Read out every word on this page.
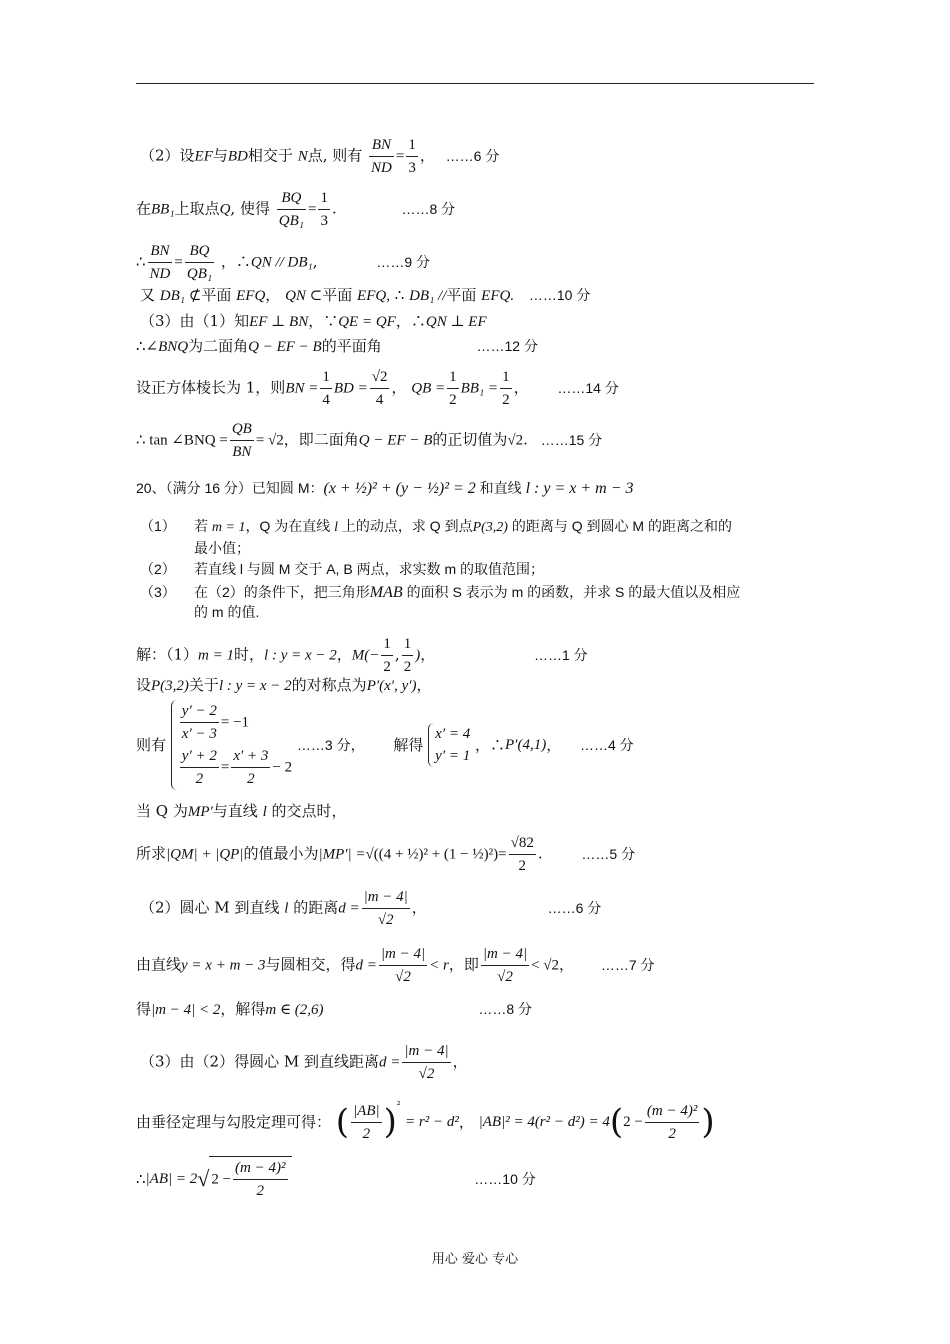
（2）设EF与BD相交于 N点, 则有 $\frac{BN}{ND} = \frac{1}{3}$ ， ……6 分
在BB₁上取点Q, 使得 $\frac{BQ}{\text{QB₁}} = \frac{1}{3}$ .	……8 分
∴ $\frac{BN}{ND} = \frac{BQ}{\text{QB₁}}$ ，∴QN // DB₁,	……9 分
又 DB₁ ⊄平面 EFQ， QN ⊂平面 EFQ, ∴ DB₁ //平面 EFQ. ……10 分
（3）由（1）知EF ⊥ BN，∵QE = QF，∴QN ⊥ EF
∴∠BNQ为二面角Q − EF − B的平面角	……12 分
设正方体棱长为 1，则BN = $\frac{1}{4}$ BD = $\frac{√2}{4}$ ， QB = $\frac{1}{2} BB_1 = \frac{1}{2}$ ， ……14 分
∴ tan ∠BNQ = $\frac{QB}{BN} = √2$，即二面角Q − EF − B的正切值为√2. ……15 分
20、（满分 16 分）已知圆 M：(x + ½)² + (y − ½)² = 2 和直线 l : y = x + m − 3
（1） 若 m = 1，Q 为在直线 l 上的动点，求 Q 到点P(3,2) 的距离与 Q 到圆心 M 的距离之和的
最小值；
（2） 若直线 l 与圆 M 交于 A, B 两点，求实数 m 的取值范围；
（3） 在（2）的条件下，把三角形MAB 的面积 S 表示为 m 的函数，并求 S 的最大值以及相应
的 m 的值.
解：（1）m = 1时，l : y = x − 2，$M(- \frac{1}{2}$ , $\frac{1}{2}$ )，	……1 分
设P(3,2)关于l : y = x − 2的对称点为P′(x′, y′)，
则有 $\frac{y' - 2}{x' - 3} = -1$
$\frac{y' + 2}{2} = \frac{x' + 3}{2} - 2$
……3 分， 解得
x′ = 4
y′ = 1
，∴P′(4,1)， ……4 分
当 Q 为MP′与直线 l 的交点时，
所求|QM| + |QP|的值最小为|MP′| =√((4 + ½)² + (1 − ½)²)= $\frac{√82}{2}$ .	……5 分
（2）圆心 M 到直线 l 的距离$d = \frac{|m - 4|}{√2}$ ，	……6 分
由直线y = x + m − 3与圆相交，得$d = \frac{|m - 4|}{√2} < r$，即 $\frac{|m - 4|}{√2} < √2$， ……7 分
得|m − 4| < 2，解得m ∈ (2,6)	……8 分
（3）由（2）得圆心 M 到直线距离$d = \frac{|m - 4|}{√2}$ ，
由垂径定理与勾股定理可得： ( $\frac{|AB|}{2} )^{^2} = r^2 - d^2$， $|AB|^2 = 4(r^2 - d^2) = 4(2 - \frac{\text{(m − 4)²}}{2}$ )
∴|AB| = 2√ $2 - \frac{\text{(m − 4)²}}{2}$	……10 分
用心 爱心 专心
